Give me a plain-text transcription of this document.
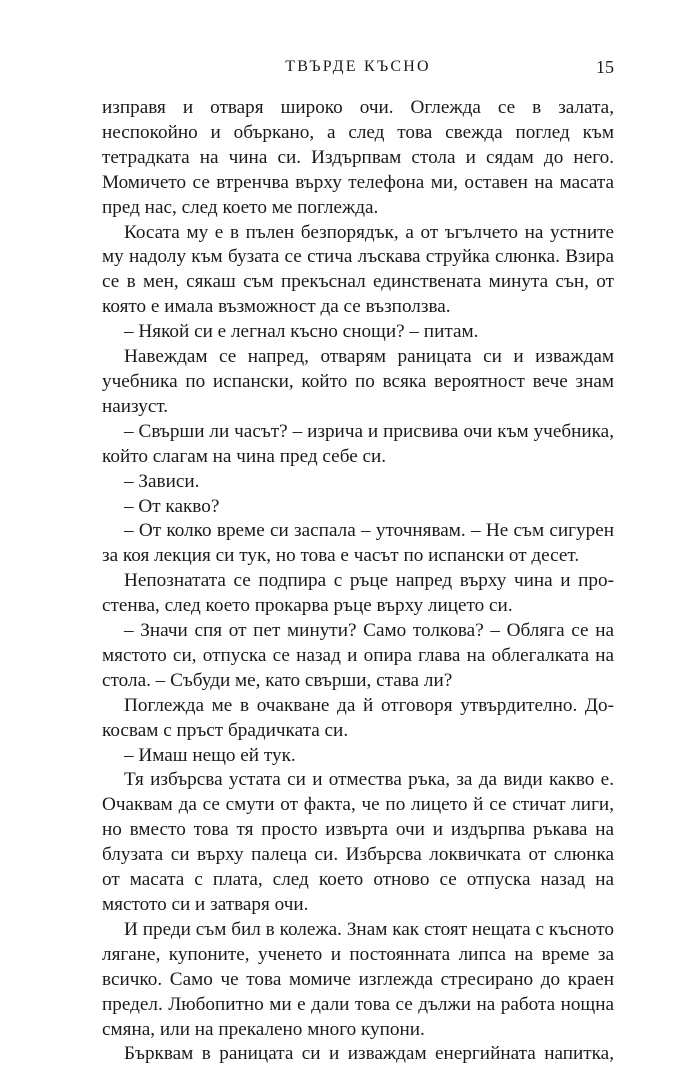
ТВЪРДЕ КЪСНО	15

изправя и отваря широко очи. Оглежда се в залата, неспокойно и объркано, а след това свежда поглед към тетрадката на чина си. Издърпвам стола и сядам до него. Момичето се втренчва върху телефона ми, оставен на масата пред нас, след което ме поглежда.

Косата му е в пълен безпорядък, а от ъгълчето на устните му надолу към бузата се стича лъскава струйка слюнка. Взира се в мен, сякаш съм прекъснал единствената минута сън, от която е имала възможност да се възползва.

– Някой си е легнал късно снощи? – питам.

Навеждам се напред, отварям раницата си и изваждам учебника по испански, който по всяка вероятност вече знам наизуст.

– Свърши ли часът? – изрича и присвива очи към учебника, който слагам на чина пред себе си.

– Зависи.

– От какво?

– От колко време си заспала – уточнявам. – Не съм сигурен за коя лекция си тук, но това е часът по испански от десет.

Непознатата се подпира с ръце напред върху чина и простенва, след което прокарва ръце върху лицето си.

– Значи спя от пет минути? Само толкова? – Обляга се на мястото си, отпуска се назад и опира глава на облегалката на стола. – Събуди ме, като свърши, става ли?

Поглежда ме в очакване да й отговоря утвърдително. Докосвам с пръст брадичката си.

– Имаш нещо ей тук.

Тя избърсва устата си и отмества ръка, за да види какво е. Очаквам да се смути от факта, че по лицето й се стичат лиги, но вместо това тя просто извърта очи и издърпва ръкава на блузата си върху палеца си. Избърсва локвичката от слюнка от масата с плата, след което отново се отпуска назад на мястото си и затваря очи.

И преди съм бил в колежа. Знам как стоят нещата с късното лягане, купоните, ученето и постоянната липса на време за всичко. Само че това момиче изглежда стресирано до краен предел. Любопитно ми е дали това се дължи на работа нощна смяна, или на прекалено много купони.

Бърквам в раницата си и изваждам енергийната напитка,
